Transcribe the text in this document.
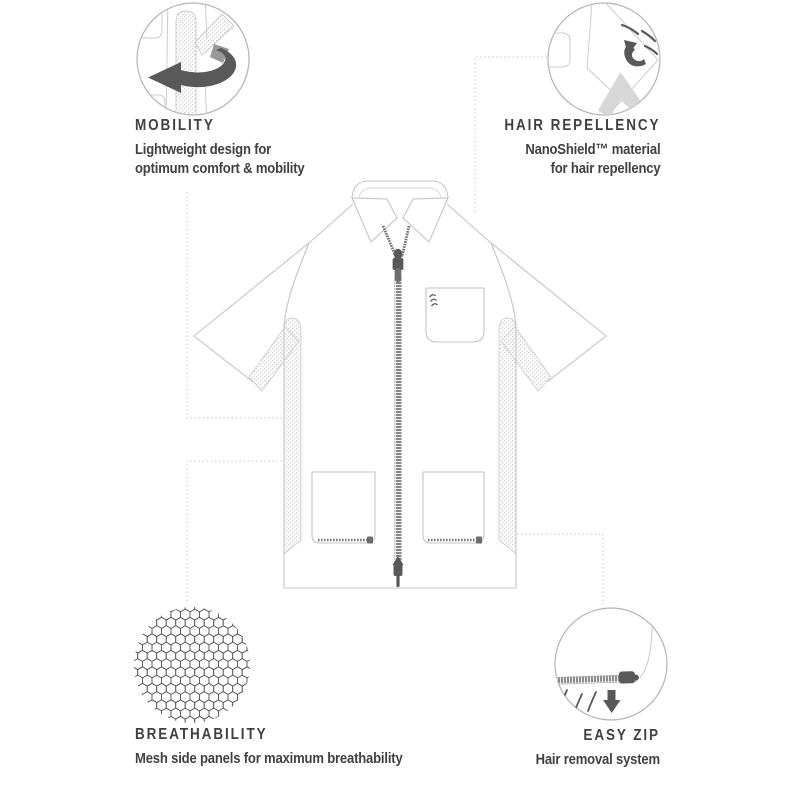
MOBILITY
Lightweight design for
optimum comfort & mobility
HAIR REPELLENCY
NanoShield™ material
for hair repellency
BREATHABILITY
Mesh side panels for maximum breathability
EASY ZIP
Hair removal system
